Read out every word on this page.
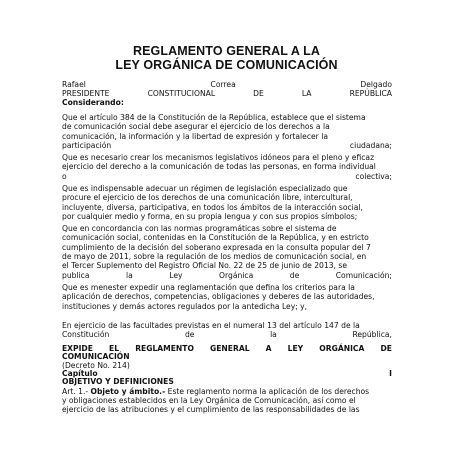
REGLAMENTO GENERAL A LA
LEY ORGÁNICA DE COMUNICACIÓN
Rafael	Correa	Delgado
PRESIDENTE	CONSTITUCIONAL	DE	LA	REPÚBLICA
Considerando:
Que el artículo 384 de la Constitución de la República, establece que el sistema
de comunicación social debe asegurar el ejercicio de los derechos a la
comunicación, la información y la libertad de expresión y fortalecer la
participación	ciudadana;
Que es necesario crear los mecanismos legislativos idóneos para el pleno y eficaz
ejercicio del derecho a la comunicación de todas las personas, en forma individual
o	colectiva;
Que es indispensable adecuar un régimen de legislación especializado que
procure el ejercicio de los derechos de una comunicación libre, intercultural,
incluyente, diversa, participativa, en todos los ámbitos de la interacción social,
por cualquier medio y forma, en su propia lengua y con sus propios símbolos;
Que en concordancia con las normas programáticas sobre el sistema de
comunicación social, contenidas en la Constitución de la República, y en estricto
cumplimiento de la decisión del soberano expresada en la consulta popular del 7
de mayo de 2011, sobre la regulación de los medios de comunicación social, en
el Tercer Suplemento del Registro Oficial No. 22 de 25 de junio de 2013, se
publica	la	Ley	Orgánica	de	Comunicación;
Que es menester expedir una reglamentación que defina los criterios para la
aplicación de derechos, competencias, obligaciones y deberes de las autoridades,
instituciones y demás actores regulados por la antedicha Ley; y,
En ejercicio de las facultades previstas en el numeral 13 del artículo 147 de la
Constitución	de	la	República,
EXPIDE EL REGLAMENTO GENERAL A LEY ORGÁNICA DE
COMUNICACIÓN
(Decreto No. 214)
Capítulo	I
OBJETIVO Y DEFINICIONES
Art. 1.- Objeto y ámbito.- Este reglamento norma la aplicación de los derechos
y obligaciones establecidos en la Ley Orgánica de Comunicación, así como el
ejercicio de las atribuciones y el cumplimiento de las responsabilidades de las
